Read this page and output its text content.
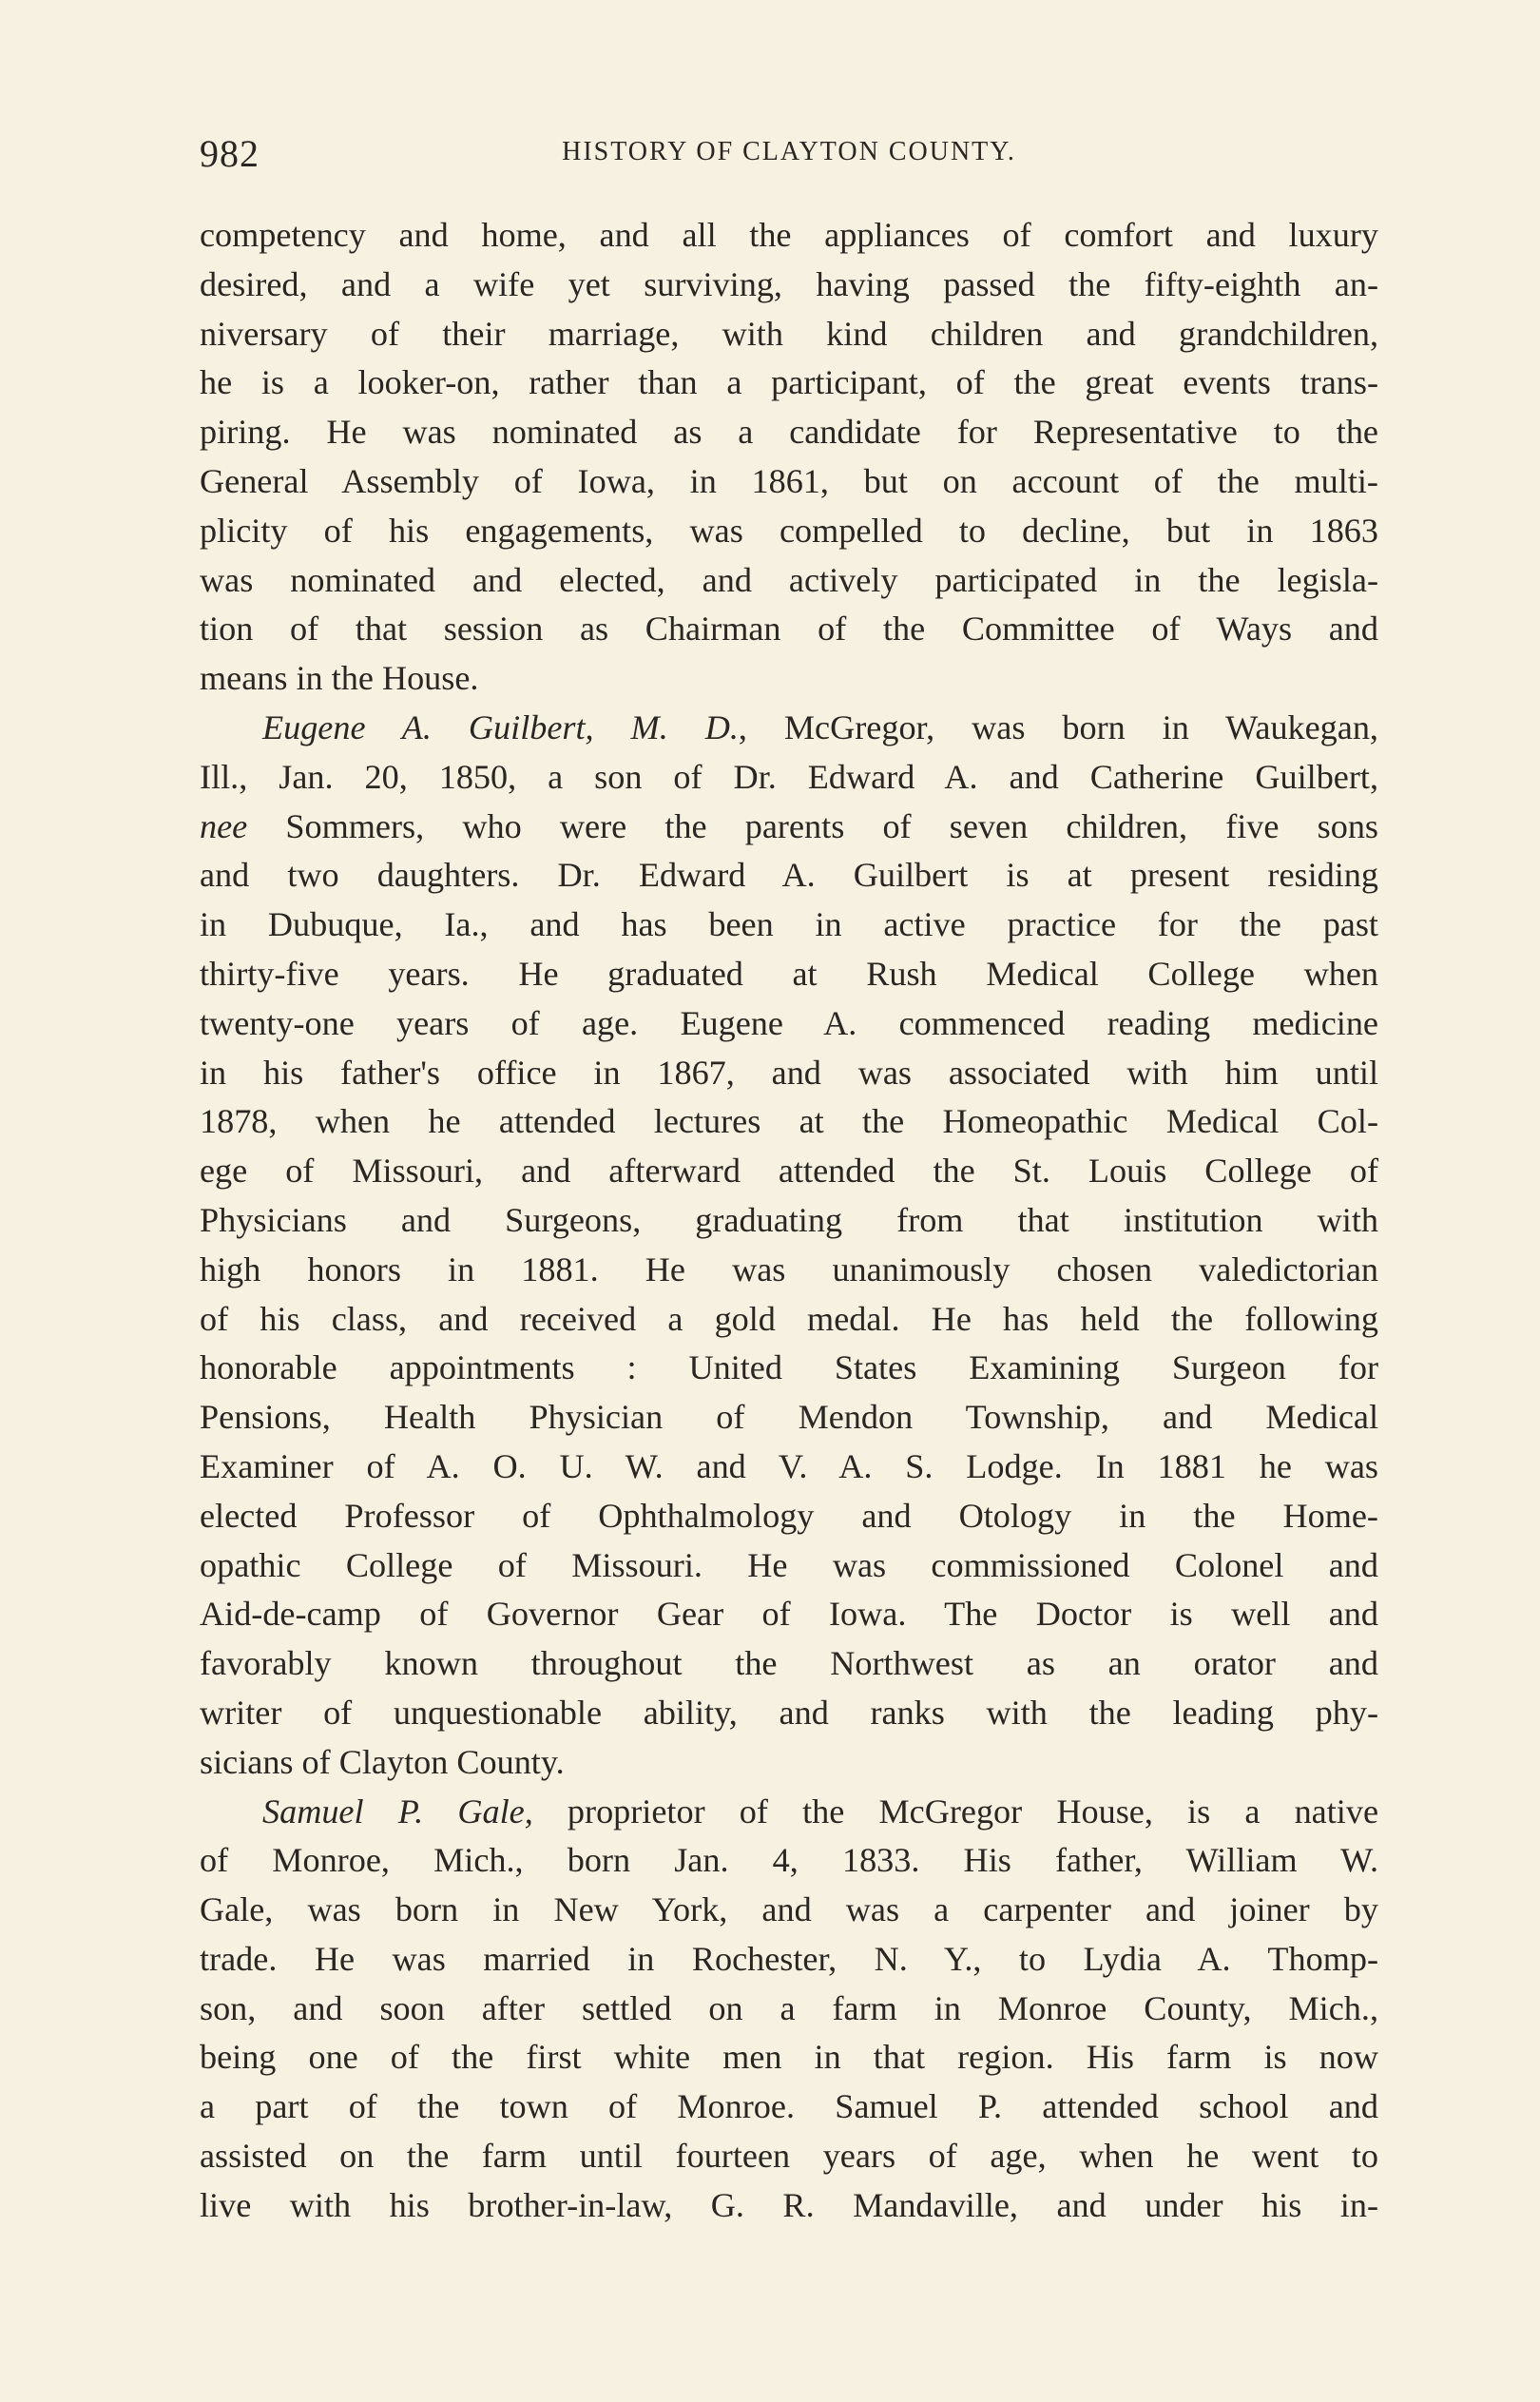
982	HISTORY OF CLAYTON COUNTY.

competency and home, and all the appliances of comfort and luxury
desired, and a wife yet surviving, having passed the fifty-eighth an-
niversary of their marriage, with kind children and grandchildren,
he is a looker-on, rather than a participant, of the great events trans-
piring. He was nominated as a candidate for Representative to the
General Assembly of Iowa, in 1861, but on account of the multi-
plicity of his engagements, was compelled to decline, but in 1863
was nominated and elected, and actively participated in the legisla-
tion of that session as Chairman of the Committee of Ways and
means in the House.

Eugene A. Guilbert, M. D., McGregor, was born in Waukegan,
Ill., Jan. 20, 1850, a son of Dr. Edward A. and Catherine Guilbert,
nee Sommers, who were the parents of seven children, five sons
and two daughters. Dr. Edward A. Guilbert is at present residing
in Dubuque, Ia., and has been in active practice for the past
thirty-five years. He graduated at Rush Medical College when
twenty-one years of age. Eugene A. commenced reading medicine
in his father's office in 1867, and was associated with him until
1878, when he attended lectures at the Homeopathic Medical Col-
ege of Missouri, and afterward attended the St. Louis College of
Physicians and Surgeons, graduating from that institution with
high honors in 1881. He was unanimously chosen valedictorian
of his class, and received a gold medal. He has held the following
honorable appointments : United States Examining Surgeon for
Pensions, Health Physician of Mendon Township, and Medical
Examiner of A. O. U. W. and V. A. S. Lodge. In 1881 he was
elected Professor of Ophthalmology and Otology in the Home-
opathic College of Missouri. He was commissioned Colonel and
Aid-de-camp of Governor Gear of Iowa. The Doctor is well and
favorably known throughout the Northwest as an orator and
writer of unquestionable ability, and ranks with the leading phy-
sicians of Clayton County.

Samuel P. Gale, proprietor of the McGregor House, is a native
of Monroe, Mich., born Jan. 4, 1833. His father, William W.
Gale, was born in New York, and was a carpenter and joiner by
trade. He was married in Rochester, N. Y., to Lydia A. Thomp-
son, and soon after settled on a farm in Monroe County, Mich.,
being one of the first white men in that region. His farm is now
a part of the town of Monroe. Samuel P. attended school and
assisted on the farm until fourteen years of age, when he went to
live with his brother-in-law, G. R. Mandaville, and under his in-
